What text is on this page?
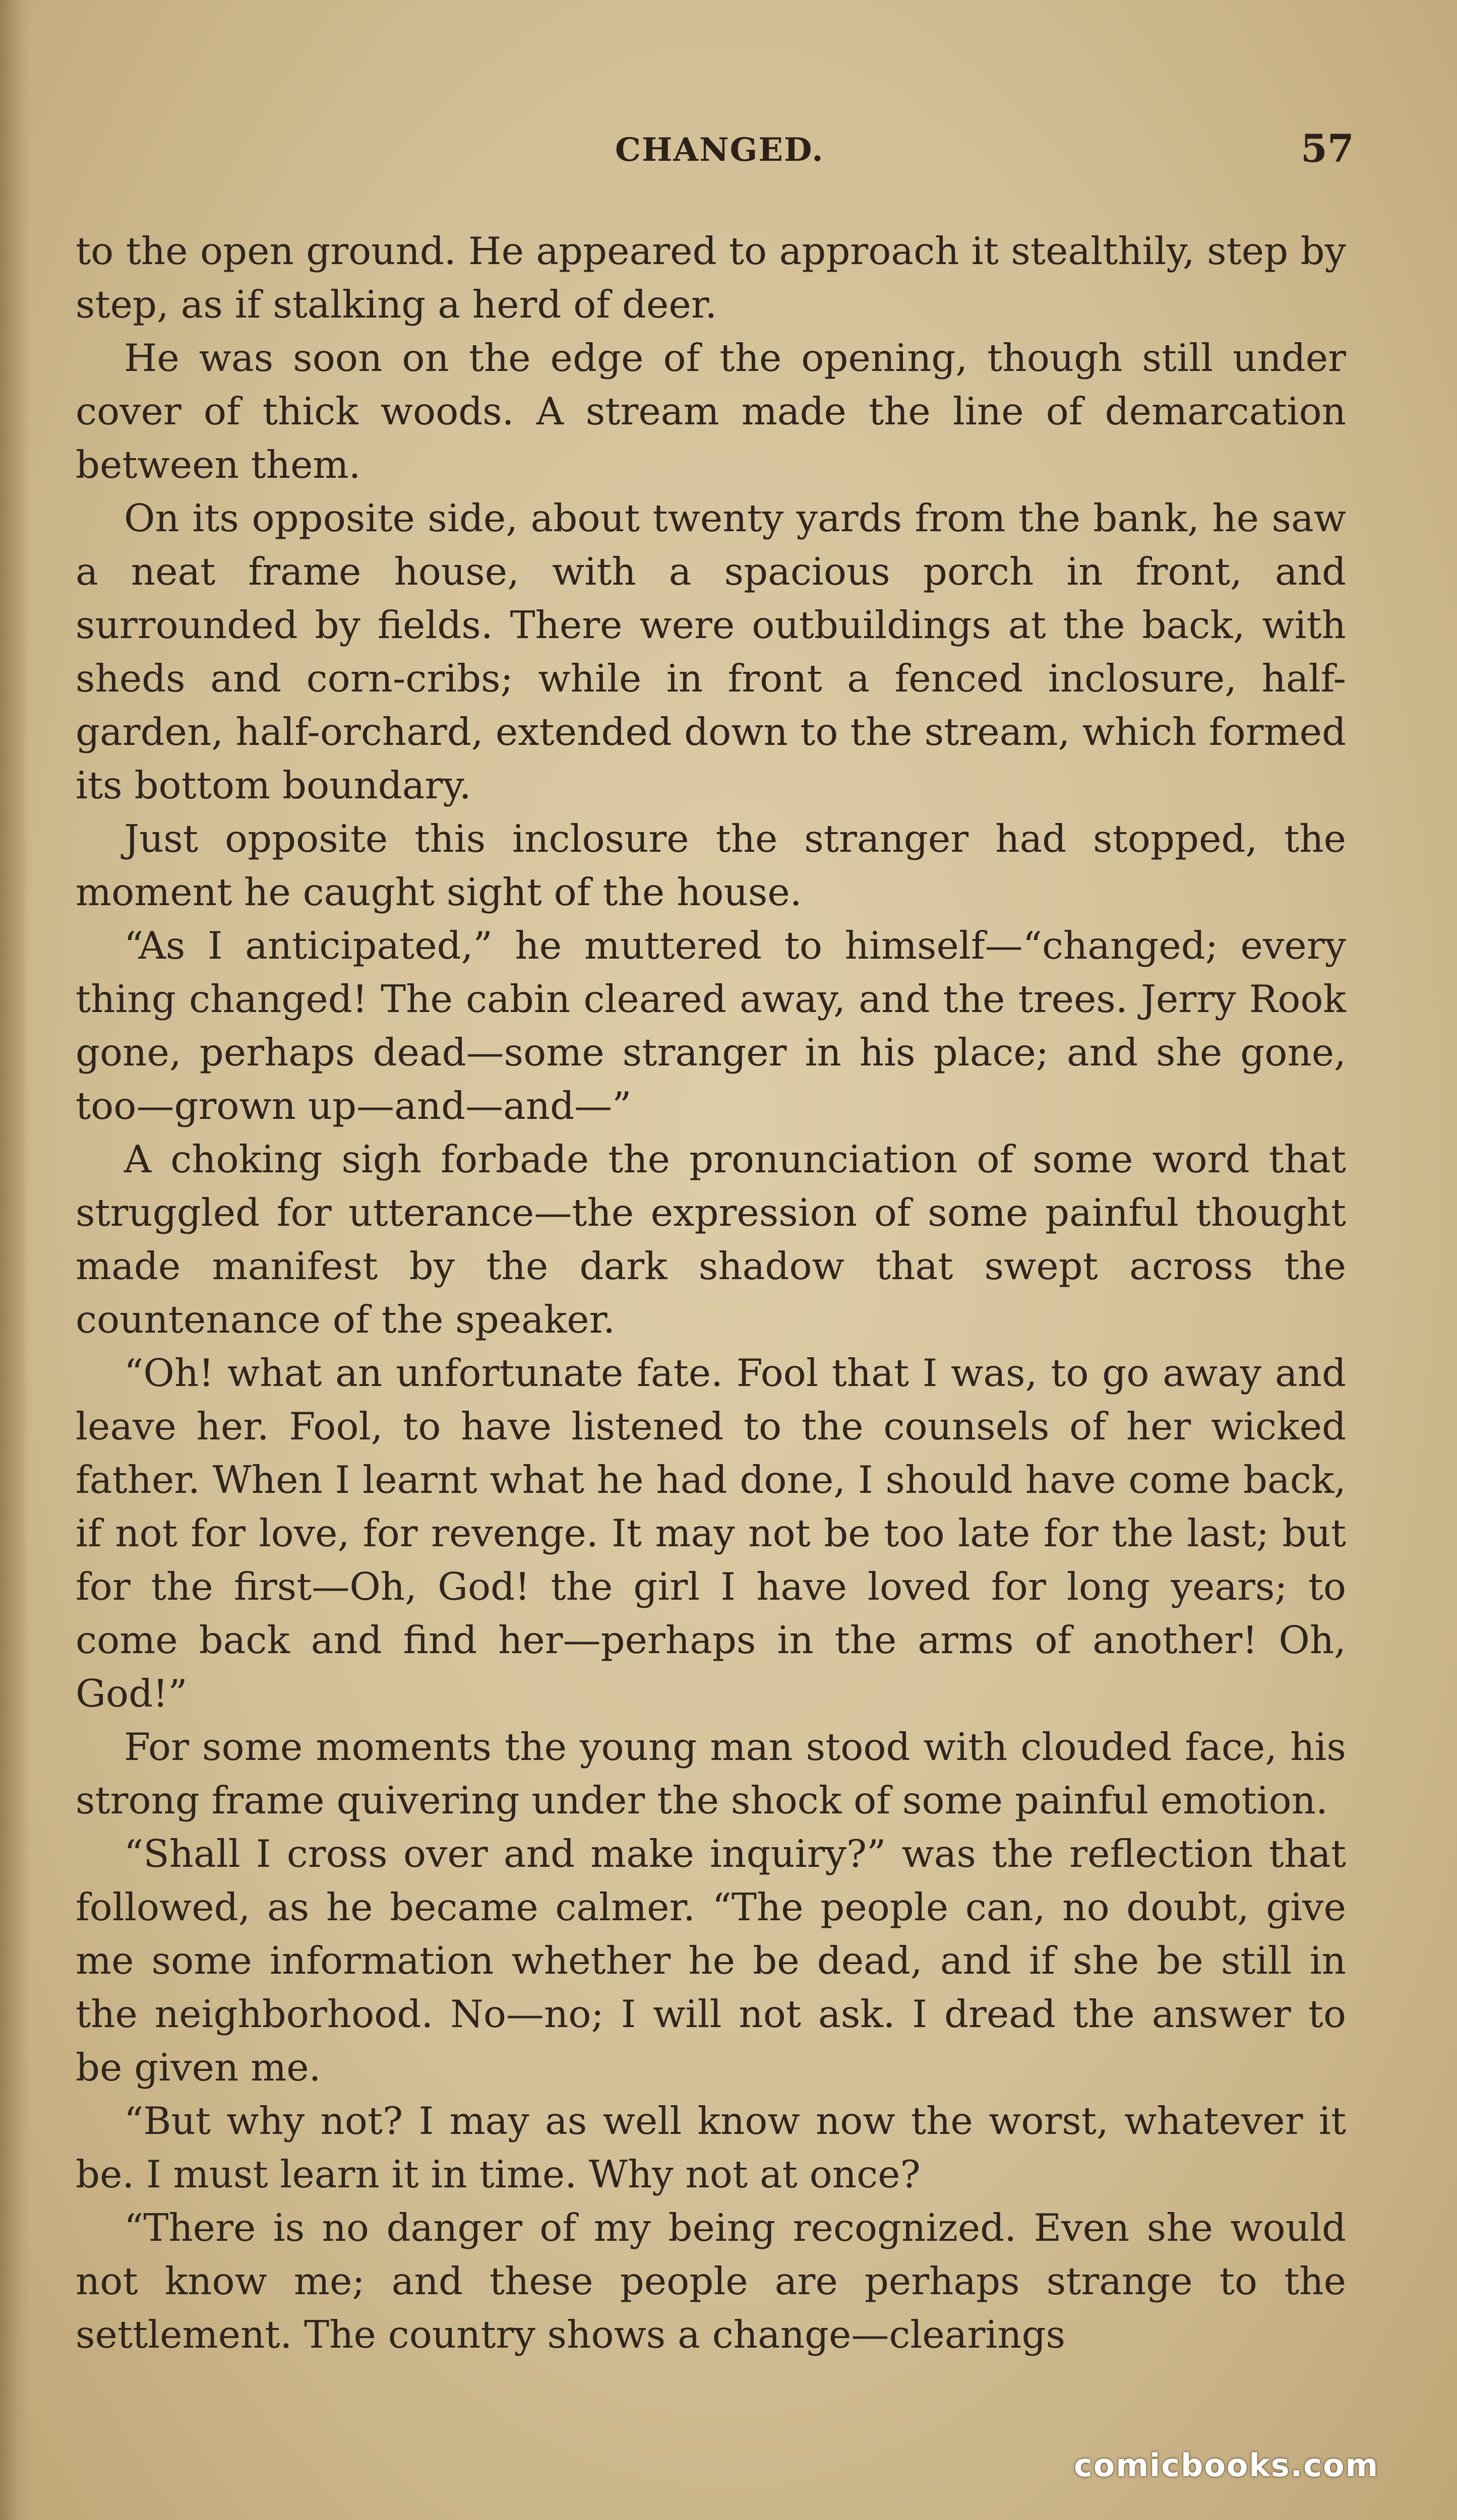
CHANGED.	57

to the open ground. He appeared to approach it stealthily, step by step, as if stalking a herd of deer.

He was soon on the edge of the opening, though still under cover of thick woods. A stream made the line of demarcation between them.

On its opposite side, about twenty yards from the bank, he saw a neat frame house, with a spacious porch in front, and surrounded by fields. There were outbuildings at the back, with sheds and corn-cribs; while in front a fenced inclosure, half-garden, half-orchard, extended down to the stream, which formed its bottom boundary.

Just opposite this inclosure the stranger had stopped, the moment he caught sight of the house.

“As I anticipated,” he muttered to himself—“changed; every thing changed! The cabin cleared away, and the trees. Jerry Rook gone, perhaps dead—some stranger in his place; and she gone, too—grown up—and—and—”

A choking sigh forbade the pronunciation of some word that struggled for utterance—the expression of some painful thought made manifest by the dark shadow that swept across the countenance of the speaker.

“Oh! what an unfortunate fate. Fool that I was, to go away and leave her. Fool, to have listened to the counsels of her wicked father. When I learnt what he had done, I should have come back, if not for love, for revenge. It may not be too late for the last; but for the first—Oh, God! the girl I have loved for long years; to come back and find her—perhaps in the arms of another! Oh, God!”

For some moments the young man stood with clouded face, his strong frame quivering under the shock of some painful emotion.

“Shall I cross over and make inquiry?” was the reflection that followed, as he became calmer. “The people can, no doubt, give me some information whether he be dead, and if she be still in the neighborhood. No—no; I will not ask. I dread the answer to be given me.

“But why not? I may as well know now the worst, whatever it be. I must learn it in time. Why not at once?

“There is no danger of my being recognized. Even she would not know me; and these people are perhaps strange to the settlement. The country shows a change—clearings

comicbooks.com
